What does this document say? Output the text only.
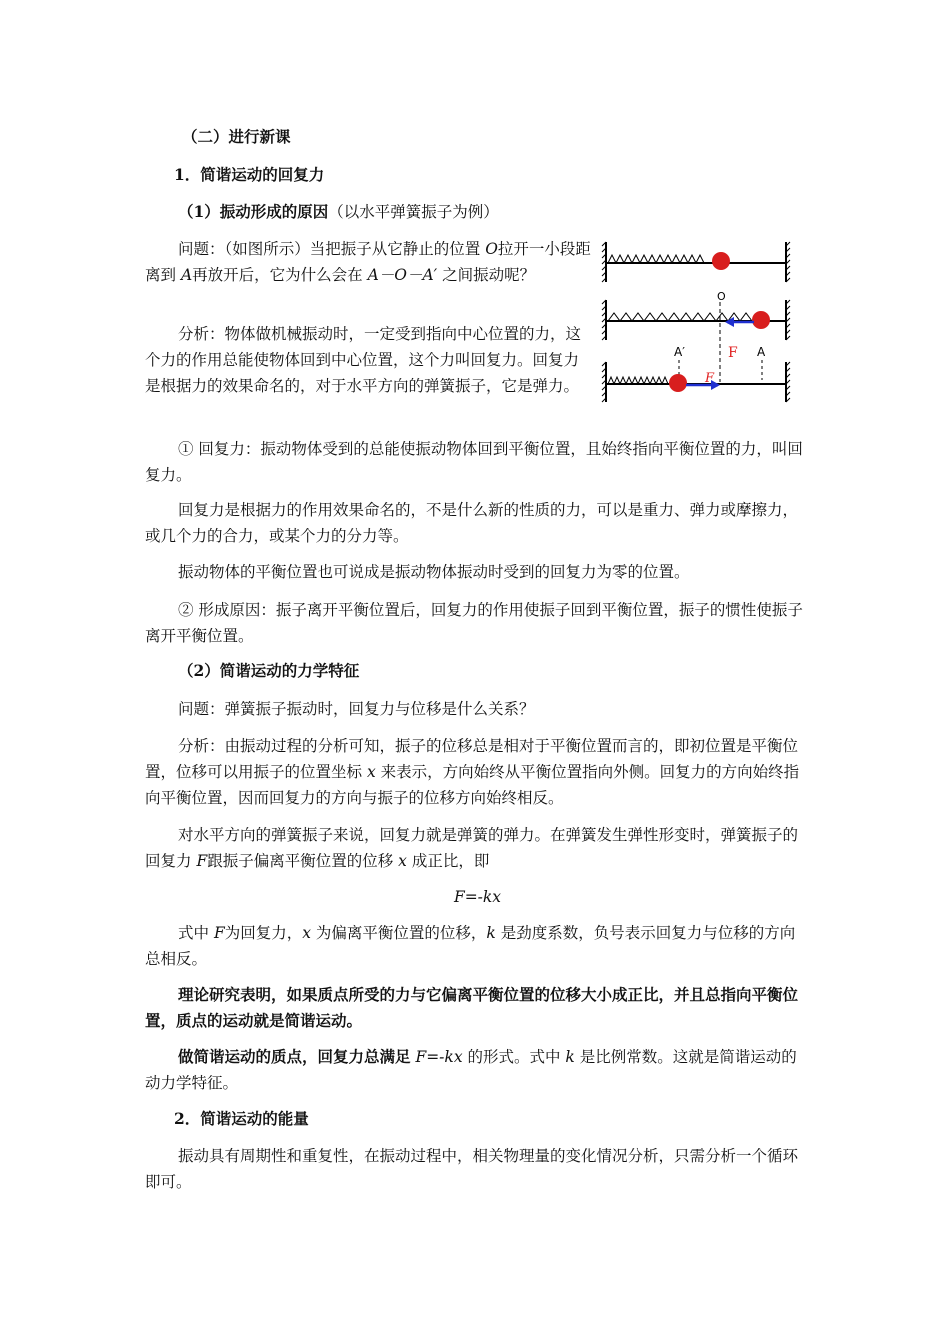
（二）进行新课

1．简谐运动的回复力

（1）振动形成的原因（以水平弹簧振子为例）

问题：（如图所示）当把振子从它静止的位置 O拉开一小段距离到 A再放开后，它为什么会在 A－O－A′ 之间振动呢？

分析：物体做机械振动时，一定受到指向中心位置的力，这个力的作用总能使物体回到中心位置，这个力叫回复力。回复力是根据力的效果命名的，对于水平方向的弹簧振子，它是弹力。

O
F
A′	A
F

① 回复力：振动物体受到的总能使振动物体回到平衡位置，且始终指向平衡位置的力，叫回复力。

回复力是根据力的作用效果命名的，不是什么新的性质的力，可以是重力、弹力或摩擦力，或几个力的合力，或某个力的分力等。

振动物体的平衡位置也可说成是振动物体振动时受到的回复力为零的位置。

② 形成原因：振子离开平衡位置后，回复力的作用使振子回到平衡位置，振子的惯性使振子离开平衡位置。

（2）简谐运动的力学特征

问题：弹簧振子振动时，回复力与位移是什么关系？

分析：由振动过程的分析可知，振子的位移总是相对于平衡位置而言的，即初位置是平衡位置，位移可以用振子的位置坐标 x 来表示，方向始终从平衡位置指向外侧。回复力的方向始终指向平衡位置，因而回复力的方向与振子的位移方向始终相反。

对水平方向的弹簧振子来说，回复力就是弹簧的弹力。在弹簧发生弹性形变时，弹簧振子的回复力 F跟振子偏离平衡位置的位移 x 成正比，即

F=-kx

式中 F为回复力，x 为偏离平衡位置的位移，k 是劲度系数，负号表示回复力与位移的方向总相反。

理论研究表明，如果质点所受的力与它偏离平衡位置的位移大小成正比，并且总指向平衡位置，质点的运动就是简谐运动。

做简谐运动的质点，回复力总满足 F=-kx 的形式。式中 k 是比例常数。这就是简谐运动的动力学特征。

2．简谐运动的能量

振动具有周期性和重复性，在振动过程中，相关物理量的变化情况分析，只需分析一个循环即可。
